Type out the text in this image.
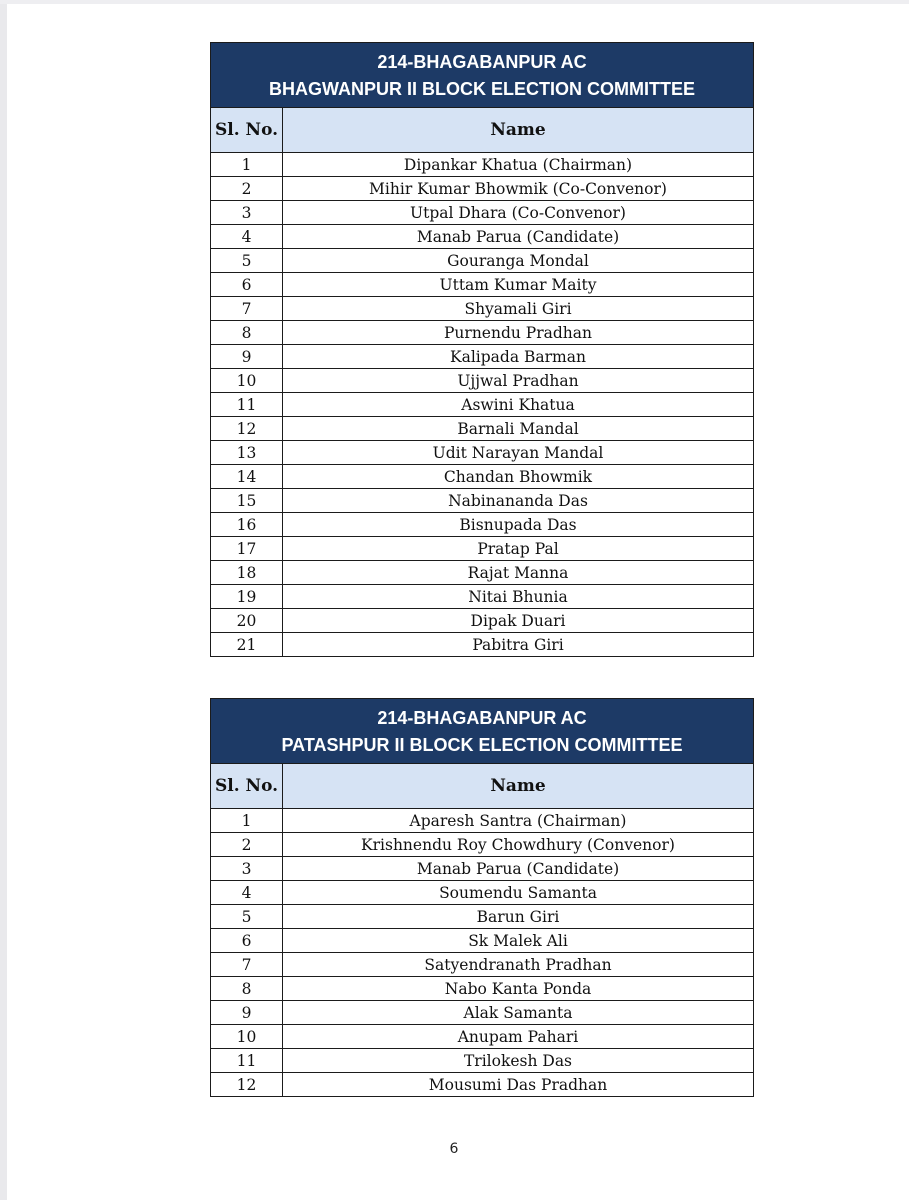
214-BHAGABANPUR AC
BHAGWANPUR II BLOCK ELECTION COMMITTEE	

Sl. No.	Name
1	Dipankar Khatua (Chairman)
2	Mihir Kumar Bhowmik (Co-Convenor)
3	Utpal Dhara (Co-Convenor)
4	Manab Parua (Candidate)
5	Gouranga Mondal
6	Uttam Kumar Maity
7	Shyamali Giri
8	Purnendu Pradhan
9	Kalipada Barman
10	Ujjwal Pradhan
11	Aswini Khatua
12	Barnali Mandal
13	Udit Narayan Mandal
14	Chandan Bhowmik
15	Nabinananda Das
16	Bisnupada Das
17	Pratap Pal
18	Rajat Manna
19	Nitai Bhunia
20	Dipak Duari
21	Pabitra Giri
214-BHAGABANPUR AC
PATASHPUR II BLOCK ELECTION COMMITTEE	

Sl. No.	Name
1	Aparesh Santra (Chairman)
2	Krishnendu Roy Chowdhury (Convenor)
3	Manab Parua (Candidate)
4	Soumendu Samanta
5	Barun Giri
6	Sk Malek Ali
7	Satyendranath Pradhan
8	Nabo Kanta Ponda
9	Alak Samanta
10	Anupam Pahari
11	Trilokesh Das
12	Mousumi Das Pradhan
6
